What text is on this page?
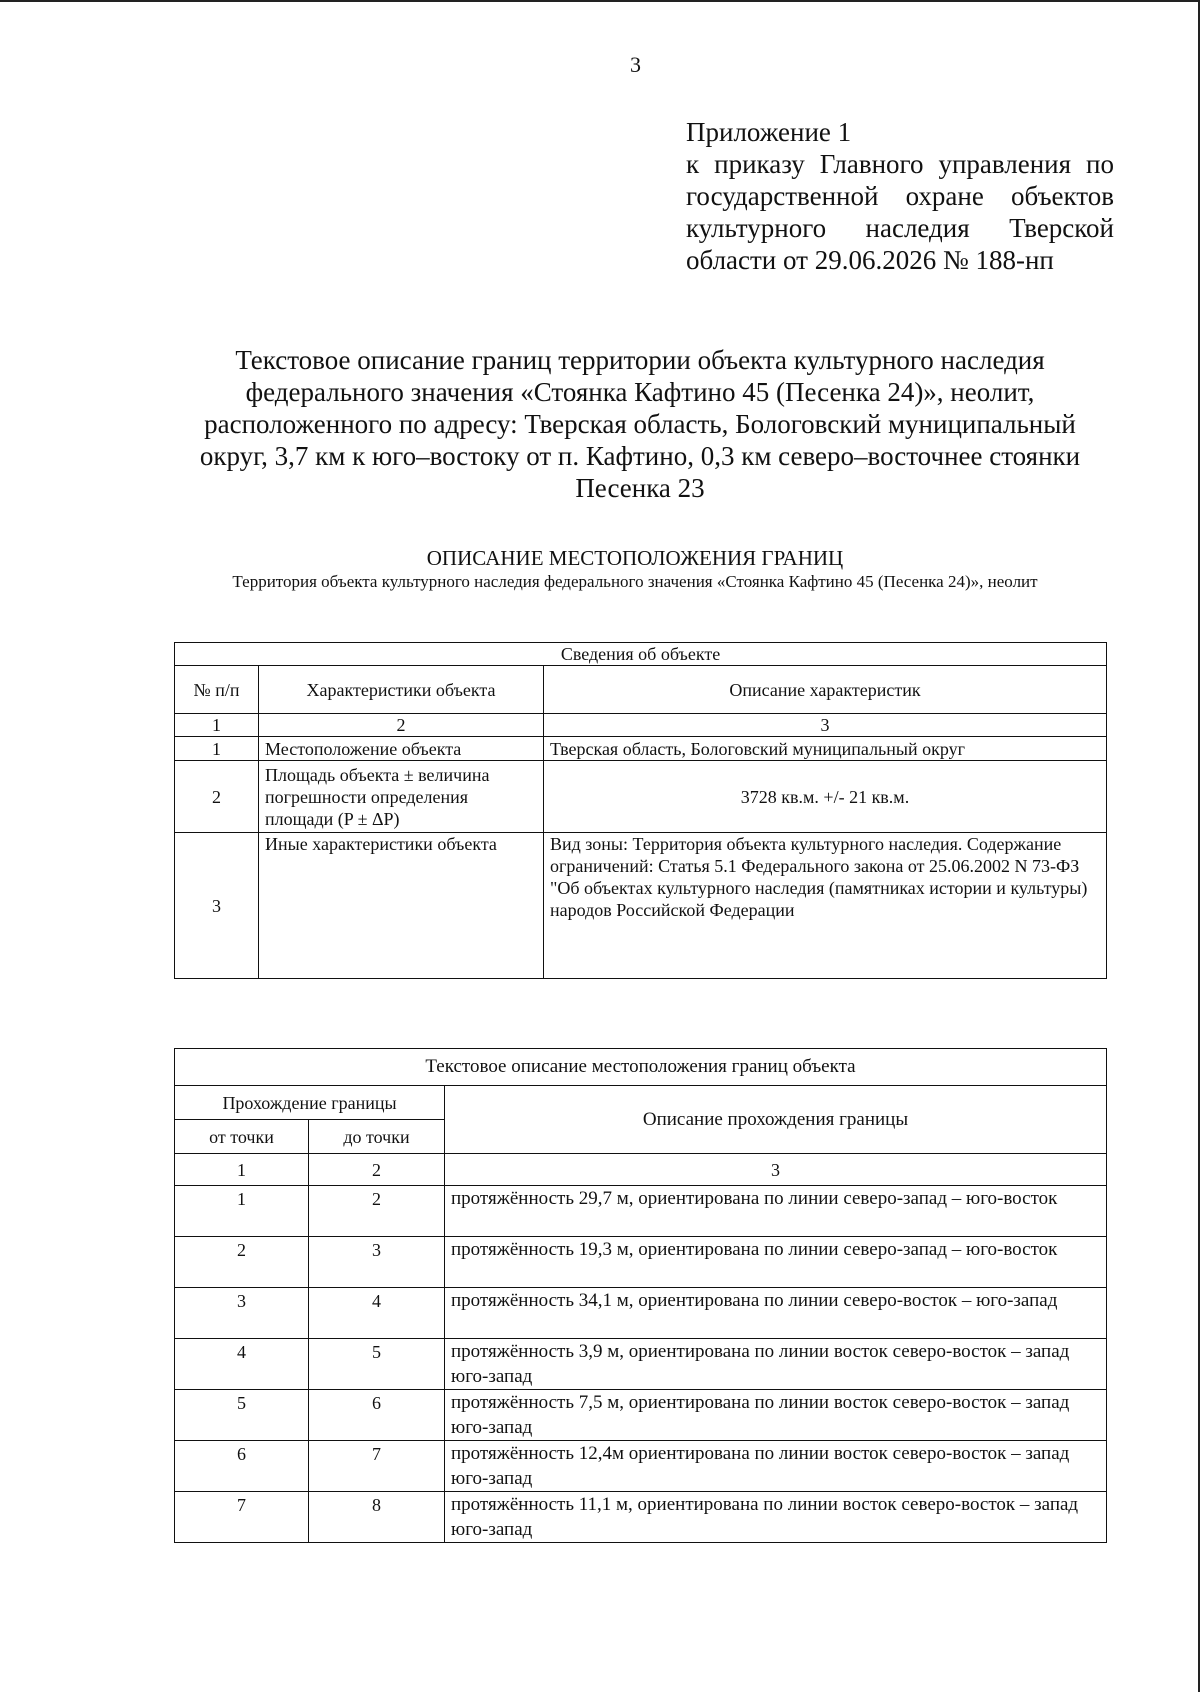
3
Приложение 1
к приказу Главного управления по государственной охране объектов культурного наследия Тверской области от 29.06.2026 № 188-нп
Текстовое описание границ территории объекта культурного наследия федерального значения «Стоянка Кафтино 45 (Песенка 24)», неолит, расположенного по адресу: Тверская область, Бологовский муниципальный округ, 3,7 км к юго–востоку от п. Кафтино, 0,3 км северо–восточнее стоянки Песенка 23
ОПИСАНИЕ МЕСТОПОЛОЖЕНИЯ ГРАНИЦ
Территория объекта культурного наследия федерального значения «Стоянка Кафтино 45 (Песенка 24)», неолит
Сведения об объекте		
№ п/п	Характеристики объекта	Описание характеристик
1	2	3
1	Местоположение объекта	Тверская область, Бологовский муниципальный округ
2	Площадь объекта ± величина погрешности определения площади (P ± ΔP)	3728 кв.м. +/- 21 кв.м.
3	Иные характеристики объекта	Вид зоны: Территория объекта культурного наследия. Содержание ограничений: Статья 5.1 Федерального закона от 25.06.2002 N 73-ФЗ "Об объектах культурного наследия (памятниках истории и культуры) народов Российской Федерации
Текстовое описание местоположения границ объекта		
Прохождение границы		Описание прохождения границы
от точки	до точки	
1	2	3
1	2	протяжённость 29,7 м, ориентирована по линии северо-запад – юго-восток
2	3	протяжённость 19,3 м, ориентирована по линии северо-запад – юго-восток
3	4	протяжённость 34,1 м, ориентирована по линии северо-восток – юго-запад
4	5	протяжённость 3,9 м, ориентирована по линии восток северо-восток – запад юго-запад
5	6	протяжённость 7,5 м, ориентирована по линии восток северо-восток – запад юго-запад
6	7	протяжённость 12,4м ориентирована по линии восток северо-восток – запад юго-запад
7	8	протяжённость 11,1 м, ориентирована по линии восток северо-восток – запад юго-запад
